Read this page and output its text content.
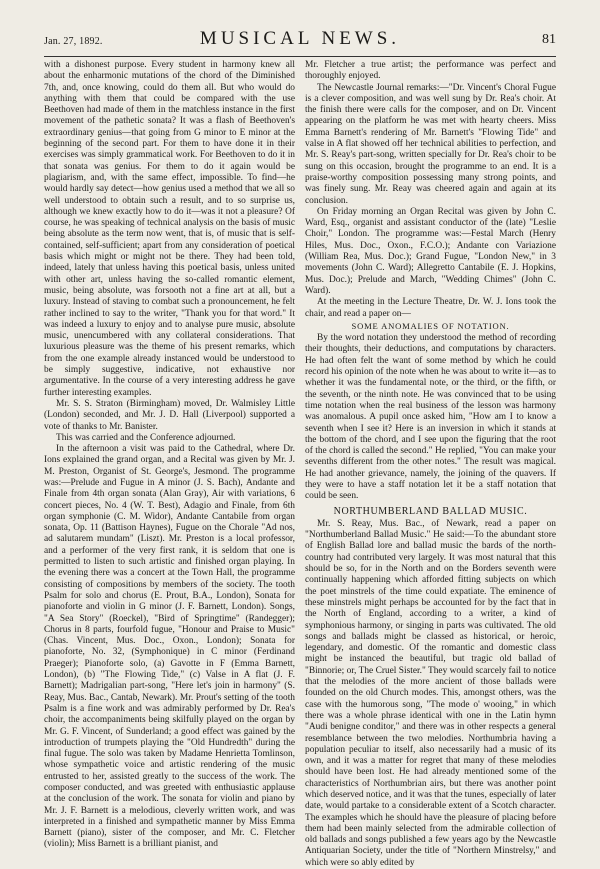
Jan. 27, 1892.	MUSICAL NEWS.	81

with a dishonest purpose. Every student in harmony knew all about the enharmonic mutations of the chord of the Diminished 7th, and, once knowing, could do them all. But who would do anything with them that could be compared with the use Beethoven had made of them in the matchless instance in the first movement of the pathetic sonata? It was a flash of Beethoven's extraordinary genius—that going from G minor to E minor at the beginning of the second part. For them to have done it in their exercises was simply grammatical work. For Beethoven to do it in that sonata was genius. For them to do it again would be plagiarism, and, with the same effect, impossible. To find—he would hardly say detect—how genius used a method that we all so well understood to obtain such a result, and to so surprise us, although we knew exactly how to do it—was it not a pleasure? Of course, he was speaking of technical analysis on the basis of music being absolute as the term now went, that is, of music that is self-contained, self-sufficient; apart from any consideration of poetical basis which might or might not be there. They had been told, indeed, lately that unless having this poetical basis, unless united with other art, unless having the so-called romantic element, music, being absolute, was forsooth not a fine art at all, but a luxury. Instead of staving to combat such a pronouncement, he felt rather inclined to say to the writer, "Thank you for that word." It was indeed a luxury to enjoy and to analyse pure music, absolute music, unencumbered with any collateral considerations. That luxurious pleasure was the theme of his present remarks, which from the one example already instanced would be understood to be simply suggestive, indicative, not exhaustive nor argumentative. In the course of a very interesting address he gave further interesting examples.

Mr. S. S. Straton (Birmingham) moved, Dr. Walmisley Little (London) seconded, and Mr. J. D. Hall (Liverpool) supported a vote of thanks to Mr. Banister.

This was carried and the Conference adjourned.

In the afternoon a visit was paid to the Cathedral, where Dr. Ions explained the grand organ, and a Recital was given by Mr. J. M. Preston, Organist of St. George's, Jesmond. The programme was:—Prelude and Fugue in A minor (J. S. Bach), Andante and Finale from 4th organ sonata (Alan Gray), Air with variations, 6 concert pieces, No. 4 (W. T. Best), Adagio and Finale, from 6th organ symphonie (C. M. Widor), Andante Cantabile from organ sonata, Op. 11 (Battison Haynes), Fugue on the Chorale "Ad nos, ad salutarem mundam" (Liszt). Mr. Preston is a local professor, and a performer of the very first rank, it is seldom that one is permitted to listen to such artistic and finished organ playing. In the evening there was a concert at the Town Hall, the programme consisting of compositions by members of the society. The tooth Psalm for solo and chorus (E. Prout, B.A., London), Sonata for pianoforte and violin in G minor (J. F. Barnett, London). Songs, "A Sea Story" (Roeckel), "Bird of Springtime" (Randegger); Chorus in 8 parts, fourfold fugue, "Honour and Praise to Music" (Chas. Vincent, Mus. Doc., Oxon., London); Sonata for pianoforte, No. 32, (Symphonique) in C minor (Ferdinand Praeger); Pianoforte solo, (a) Gavotte in F (Emma Barnett, London), (b) "The Flowing Tide," (c) Valse in A flat (J. F. Barnett); Madrigalian part-song, "Here let's join in harmony" (S. Reay, Mus. Bac., Cantab, Newark). Mr. Prout's setting of the tooth Psalm is a fine work and was admirably performed by Dr. Rea's choir, the accompaniments being skilfully played on the organ by Mr. G. F. Vincent, of Sunderland; a good effect was gained by the introduction of trumpets playing the "Old Hundredth" during the final fugue. The solo was taken by Madame Henrietta Tomlinson, whose sympathetic voice and artistic rendering of the music entrusted to her, assisted greatly to the success of the work. The composer conducted, and was greeted with enthusiastic applause at the conclusion of the work. The sonata for violin and piano by Mr. J. F. Barnett is a melodious, cleverly written work, and was interpreted in a finished and sympathetic manner by Miss Emma Barnett (piano), sister of the composer, and Mr. C. Fletcher (violin); Miss Barnett is a brilliant pianist, and

Mr. Fletcher a true artist; the performance was perfect and thoroughly enjoyed.

The Newcastle Journal remarks:—"Dr. Vincent's Choral Fugue is a clever composition, and was well sung by Dr. Rea's choir. At the finish there were calls for the composer, and on Dr. Vincent appearing on the platform he was met with hearty cheers. Miss Emma Barnett's rendering of Mr. Barnett's "Flowing Tide" and valse in A flat showed off her technical abilities to perfection, and Mr. S. Reay's part-song, written specially for Dr. Rea's choir to be sung on this occasion, brought the programme to an end. It is a praise-worthy composition possessing many strong points, and was finely sung. Mr. Reay was cheered again and again at its conclusion.

On Friday morning an Organ Recital was given by John C. Ward, Esq., organist and assistant conductor of the (late) "Leslie Choir," London. The programme was:—Festal March (Henry Hiles, Mus. Doc., Oxon., F.C.O.); Andante con Variazione (William Rea, Mus. Doc.); Grand Fugue, "London New," in 3 movements (John C. Ward); Allegretto Cantabile (E. J. Hopkins, Mus. Doc.); Prelude and March, "Wedding Chimes" (John C. Ward).

At the meeting in the Lecture Theatre, Dr. W. J. Ions took the chair, and read a paper on—

SOME ANOMALIES OF NOTATION.

By the word notation they understood the method of recording their thoughts, their deductions, and computations by characters. He had often felt the want of some method by which he could record his opinion of the note when he was about to write it—as to whether it was the fundamental note, or the third, or the fifth, or the seventh, or the ninth note. He was convinced that to be using time notation when the real business of the lesson was harmony was anomalous. A pupil once asked him, "How am I to know a seventh when I see it? Here is an inversion in which it stands at the bottom of the chord, and I see upon the figuring that the root of the chord is called the second." He replied, "You can make your sevenths different from the other notes." The result was magical. He had another grievance, namely, the joining of the quavers. If they were to have a staff notation let it be a staff notation that could be seen.

NORTHUMBERLAND BALLAD MUSIC.

Mr. S. Reay, Mus. Bac., of Newark, read a paper on "Northumberland Ballad Music." He said:—To the abundant store of English Ballad lore and ballad music the bards of the north-country had contributed very largely. It was most natural that this should be so, for in the North and on the Borders seventh were continually happening which afforded fitting subjects on which the poet minstrels of the time could expatiate. The eminence of these minstrels might perhaps be accounted for by the fact that in the North of England, according to a writer, a kind of symphonious harmony, or singing in parts was cultivated. The old songs and ballads might be classed as historical, or heroic, legendary, and domestic. Of the romantic and domestic class might be instanced the beautiful, but tragic old ballad of "Binnorie; or, The Cruel Sister." They would scarcely fail to notice that the melodies of the more ancient of those ballads were founded on the old Church modes. This, amongst others, was the case with the humorous song, "The mode o' wooing," in which there was a whole phrase identical with one in the Latin hymn "Audi benigne conditor," and there was in other respects a general resemblance between the two melodies. Northumbria having a population peculiar to itself, also necessarily had a music of its own, and it was a matter for regret that many of these melodies should have been lost. He had already mentioned some of the characteristics of Northumbrian airs, but there was another point which deserved notice, and it was that the tunes, especially of later date, would partake to a considerable extent of a Scotch character. The examples which he should have the pleasure of placing before them had been mainly selected from the admirable collection of old ballads and songs published a few years ago by the Newcastle Antiquarian Society, under the title of "Northern Minstrelsy," and which were so ably edited by
